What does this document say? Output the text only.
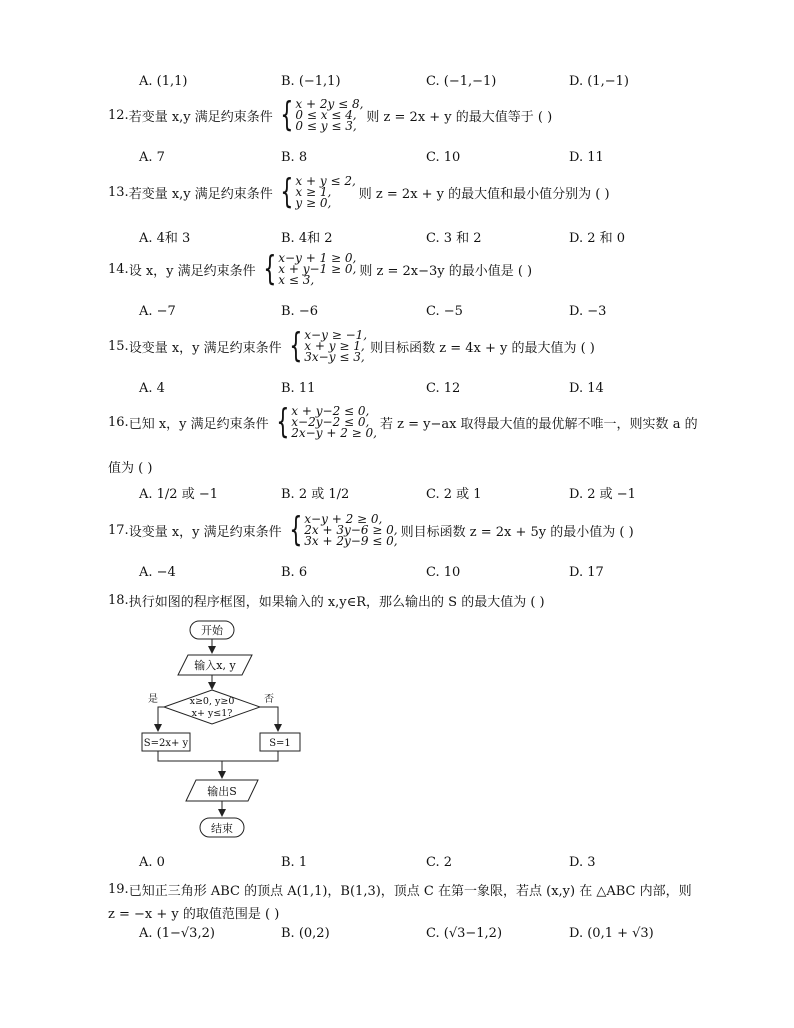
A. (1,1)	B. (−1,1)	C. (−1,−1)	D. (1,−1)
12. 若变量 x,y 满足约束条件 { x + 2y ≤ 8,
0 ≤ x ≤ 4,
0 ≤ y ≤ 3,
则 z = 2x + y 的最大值等于 ( )
A. 7	B. 8	C. 10	D. 11
13. 若变量 x,y 满足约束条件 { x + y ≤ 2,
x ≥ 1,
y ≥ 0,
则 z = 2x + y 的最大值和最小值分别为 ( )
A. 4和 3	B. 4和 2	C. 3 和 2	D. 2 和 0
14. 设 x，y 满足约束条件 { x−y + 1 ≥ 0,
x + y−1 ≥ 0,
x ≤ 3,
则 z = 2x−3y 的最小值是 ( )
A. −7	B. −6	C. −5	D. −3
15. 设变量 x，y 满足约束条件 { x−y ≥ −1,
x + y ≥ 1,
3x−y ≤ 3,
则目标函数 z = 4x + y 的最大值为 ( )
A. 4	B. 11	C. 12	D. 14
16. 已知 x，y 满足约束条件 { x + y−2 ≤ 0,
x−2y−2 ≤ 0,
2x−y + 2 ≥ 0,
若 z = y−ax 取得最大值的最优解不唯一，则实数 a 的
值为 ( )
A. 1/2 或 −1	B. 2 或 1/2	C. 2 或 1	D. 2 或 −1
17. 设变量 x，y 满足约束条件 { x−y + 2 ≥ 0,
2x + 3y−6 ≥ 0,
3x + 2y−9 ≤ 0,
则目标函数 z = 2x + 5y 的最小值为 ( )
A. −4	B. 6	C. 10	D. 17
18. 执行如图的程序框图，如果输入的 x,y∈R，那么输出的 S 的最大值为 ( )
开始
输入x, y
x≥0, y≥0
x+ y≤1?
是	否
S=2x+ y	S=1
输出S
结束
A. 0	B. 1	C. 2	D. 3
19. 已知正三角形 ABC 的顶点 A(1,1)，B(1,3)，顶点 C 在第一象限，若点 (x,y) 在 △ABC 内部，则
z = −x + y 的取值范围是 ( )
A. (1−√3,2)	B. (0,2)	C. (√3−1,2)	D. (0,1 + √3)
